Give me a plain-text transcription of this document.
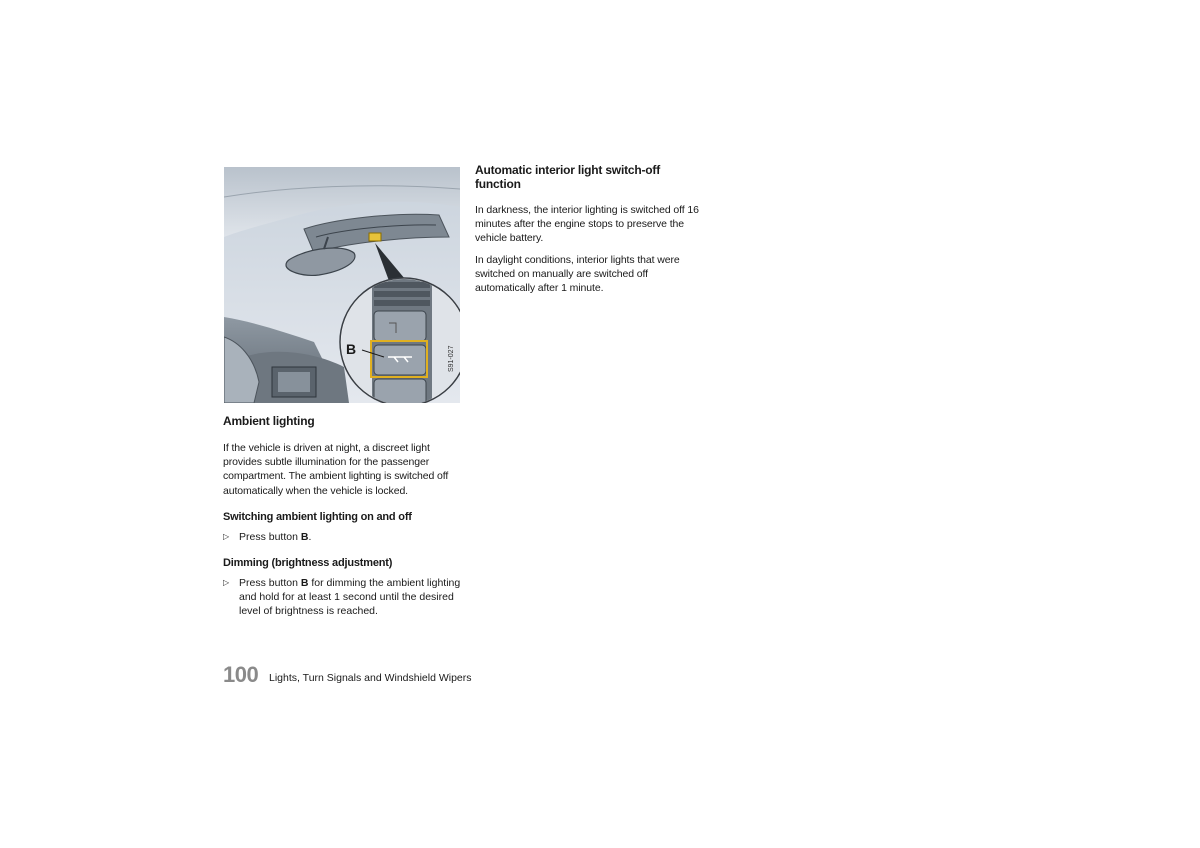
B	S91-027
Ambient lighting

If the vehicle is driven at night, a discreet light provides subtle illumination for the passenger compartment. The ambient lighting is switched off automatically when the vehicle is locked.

Switching ambient lighting on and off
▷ Press button B.
Dimming (brightness adjustment)
▷ Press button B for dimming the ambient lighting and hold for at least 1 second until the desired level of brightness is reached.
Automatic interior light switch-off function

In darkness, the interior lighting is switched off 16 minutes after the engine stops to preserve the vehicle battery.

In daylight conditions, interior lights that were switched on manually are switched off automatically after 1 minute.

100 Lights, Turn Signals and Windshield Wipers
